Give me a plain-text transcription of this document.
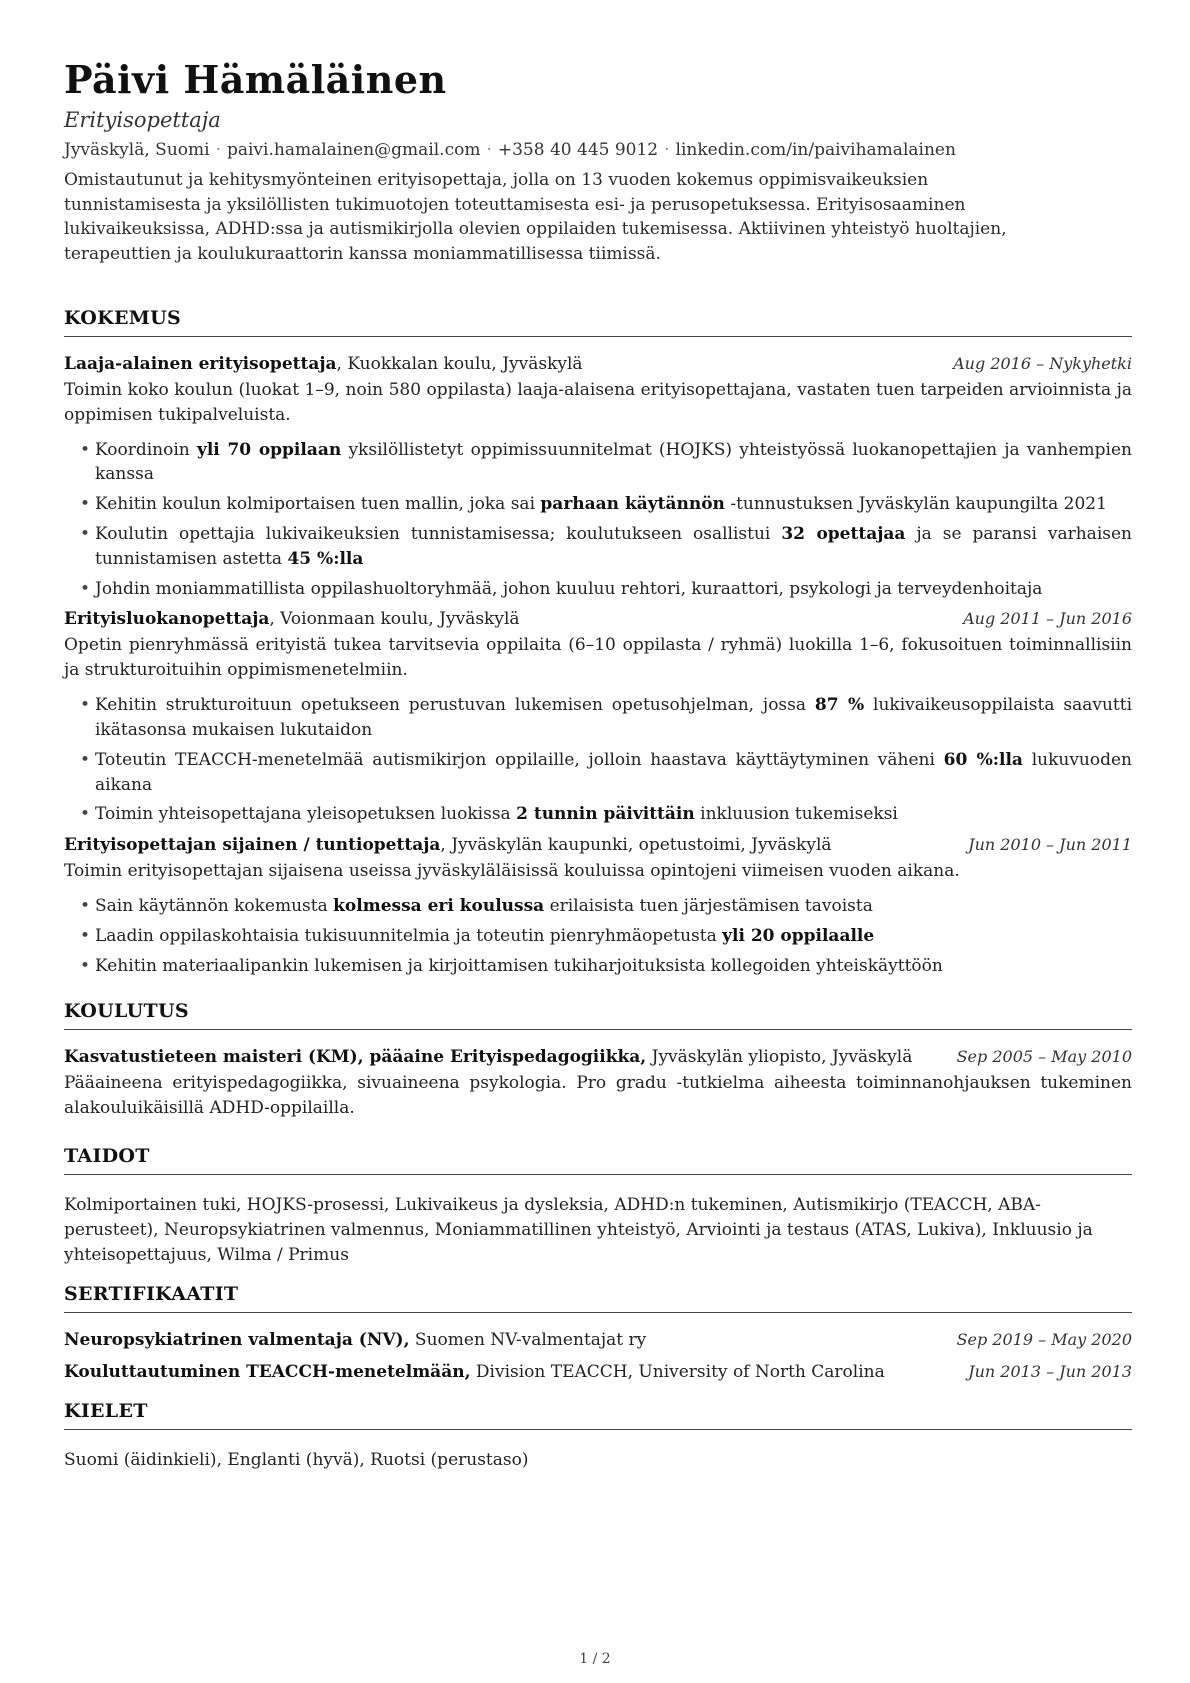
Päivi Hämäläinen
Erityisopettaja
Jyväskylä, Suomi · paivi.hamalainen@gmail.com · +358 40 445 9012 · linkedin.com/in/paivihamalainen
Omistautunut ja kehitysmyönteinen erityisopettaja, jolla on 13 vuoden kokemus oppimisvaikeuksien tunnistamisesta ja yksilöllisten tukimuotojen toteuttamisesta esi- ja perusopetuksessa. Erityisosaaminen lukivaikeuksissa, ADHD:ssa ja autismikirjolla olevien oppilaiden tukemisessa. Aktiivinen yhteistyö huoltajien, terapeuttien ja koulukuraattorin kanssa moniammatillisessa tiimissä.
KOKEMUS
Laaja-alainen erityisopettaja, Kuokkalan koulu, Jyväskylä	Aug 2016 – Nykyhetki
Toimin koko koulun (luokat 1–9, noin 580 oppilasta) laaja-alaisena erityisopettajana, vastaten tuen tarpeiden arvioinnista ja oppimisen tukipalveluista.
• Koordinoin yli 70 oppilaan yksilöllistetyt oppimissuunnitelmat (HOJKS) yhteistyössä luokanopettajien ja vanhempien kanssa
• Kehitin koulun kolmiportaisen tuen mallin, joka sai parhaan käytännön -tunnustuksen Jyväskylän kaupungilta 2021
• Koulutin opettajia lukivaikeuksien tunnistamisessa; koulutukseen osallistui 32 opettajaa ja se paransi varhaisen tunnistamisen astetta 45 %:lla
• Johdin moniammatillista oppilashuoltoryhmää, johon kuuluu rehtori, kuraattori, psykologi ja terveydenhoitaja
Erityisluokanopettaja, Voionmaan koulu, Jyväskylä	Aug 2011 – Jun 2016
Opetin pienryhmässä erityistä tukea tarvitsevia oppilaita (6–10 oppilasta / ryhmä) luokilla 1–6, fokusoituen toiminnallisiin ja strukturoituihin oppimismenetelmiin.
• Kehitin strukturoituun opetukseen perustuvan lukemisen opetusohjelman, jossa 87 % lukivaikeusoppilaista saavutti ikätasonsa mukaisen lukutaidon
• Toteutin TEACCH-menetelmää autismikirjon oppilaille, jolloin haastava käyttäytyminen väheni 60 %:lla lukuvuoden aikana
• Toimin yhteisopettajana yleisopetuksen luokissa 2 tunnin päivittäin inkluusion tukemiseksi
Erityisopettajan sijainen / tuntiopettaja, Jyväskylän kaupunki, opetustoimi, Jyväskylä	Jun 2010 – Jun 2011
Toimin erityisopettajan sijaisena useissa jyväskyläläisissä kouluissa opintojeni viimeisen vuoden aikana.
• Sain käytännön kokemusta kolmessa eri koulussa erilaisista tuen järjestämisen tavoista
• Laadin oppilaskohtaisia tukisuunnitelmia ja toteutin pienryhmäopetusta yli 20 oppilaalle
• Kehitin materiaalipankin lukemisen ja kirjoittamisen tukiharjoituksista kollegoiden yhteiskäyttöön
KOULUTUS
Kasvatustieteen maisteri (KM), pääaine Erityispedagogiikka, Jyväskylän yliopisto, Jyväskylä	Sep 2005 – May 2010
Pääaineena erityispedagogiikka, sivuaineena psykologia. Pro gradu -tutkielma aiheesta toiminnanohjauksen tukeminen alakouluikäisillä ADHD-oppilailla.
TAIDOT
Kolmiportainen tuki, HOJKS-prosessi, Lukivaikeus ja dysleksia, ADHD:n tukeminen, Autismikirjo (TEACCH, ABA-perusteet), Neuropsykiatrinen valmennus, Moniammatillinen yhteistyö, Arviointi ja testaus (ATAS, Lukiva), Inkluusio ja yhteisopettajuus, Wilma / Primus
SERTIFIKAATIT
Neuropsykiatrinen valmentaja (NV), Suomen NV-valmentajat ry	Sep 2019 – May 2020
Kouluttautuminen TEACCH-menetelmään, Division TEACCH, University of North Carolina	Jun 2013 – Jun 2013
KIELET
Suomi (äidinkieli), Englanti (hyvä), Ruotsi (perustaso)
1 / 2
